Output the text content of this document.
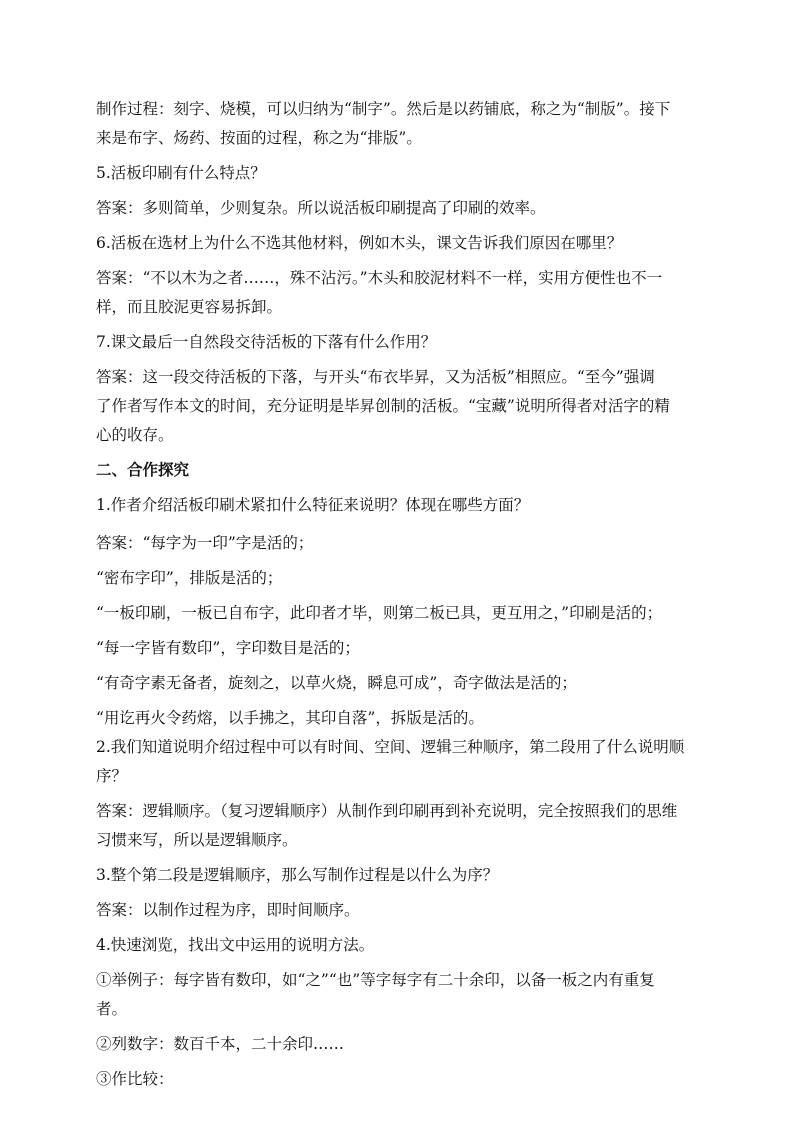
制作过程：刻字、烧模，可以归纳为“制字”。然后是以药铺底，称之为“制版”。接下
来是布字、炀药、按面的过程，称之为“排版”。
5.活板印刷有什么特点？
答案：多则简单，少则复杂。所以说活板印刷提高了印刷的效率。
6.活板在选材上为什么不选其他材料，例如木头，课文告诉我们原因在哪里？
答案：“不以木为之者……，殊不沾污。”木头和胶泥材料不一样，实用方便性也不一
样，而且胶泥更容易拆卸。
7.课文最后一自然段交待活板的下落有什么作用？
答案：这一段交待活板的下落，与开头“布衣毕昇，又为活板”相照应。“至今”强调
了作者写作本文的时间，充分证明是毕昇创制的活板。“宝藏”说明所得者对活字的精
心的收存。
二、合作探究
1.作者介绍活板印刷术紧扣什么特征来说明？体现在哪些方面？
答案：“每字为一印”字是活的；
“密布字印”，排版是活的；
“一板印刷，一板已自布字，此印者才毕，则第二板已具，更互用之，”印刷是活的；
“每一字皆有数印”，字印数目是活的；
“有奇字素无备者，旋刻之，以草火烧，瞬息可成”，奇字做法是活的；
“用讫再火令药熔，以手拂之，其印自落”，拆版是活的。
2.我们知道说明介绍过程中可以有时间、空间、逻辑三种顺序，第二段用了什么说明顺
序？
答案：逻辑顺序。（复习逻辑顺序）从制作到印刷再到补充说明，完全按照我们的思维
习惯来写，所以是逻辑顺序。
3.整个第二段是逻辑顺序，那么写制作过程是以什么为序？
答案：以制作过程为序，即时间顺序。
4.快速浏览，找出文中运用的说明方法。
①举例子：每字皆有数印，如“之”“也”等字每字有二十余印，以备一板之内有重复
者。
②列数字：数百千本，二十余印……
③作比较：
